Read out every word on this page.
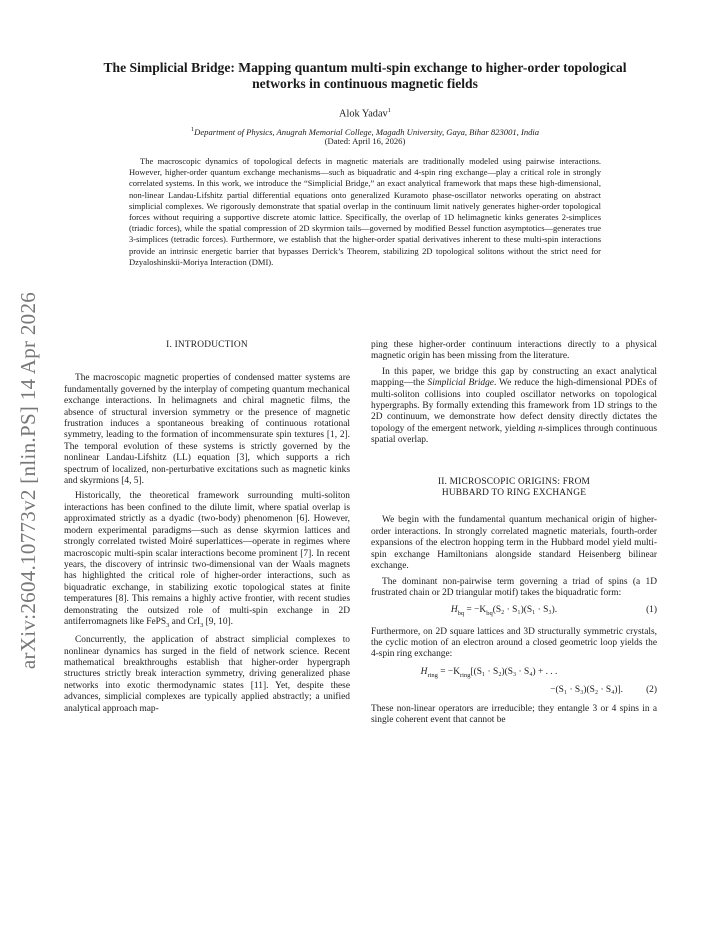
arXiv:2604.10773v2 [nlin.PS] 14 Apr 2026
The Simplicial Bridge: Mapping quantum multi-spin exchange to higher-order topological networks in continuous magnetic fields
Alok Yadav$^1$
$^1$Department of Physics, Anugrah Memorial College, Magadh University, Gaya, Bihar 823001, India
(Dated: April 16, 2026)

The macroscopic dynamics of topological defects in magnetic materials are traditionally modeled using pairwise interactions. However, higher-order quantum exchange mechanisms—such as biquadratic and 4-spin ring exchange—play a critical role in strongly correlated systems. In this work, we introduce the “Simplicial Bridge,” an exact analytical framework that maps these high-dimensional, non-linear Landau-Lifshitz partial differential equations onto generalized Kuramoto phase-oscillator networks operating on abstract simplicial complexes. We rigorously demonstrate that spatial overlap in the continuum limit natively generates higher-order topological forces without requiring a supportive discrete atomic lattice. Specifically, the overlap of 1D helimagnetic kinks generates 2-simplices (triadic forces), while the spatial compression of 2D skyrmion tails—governed by modified Bessel function asymptotics—generates true 3-simplices (tetradic forces). Furthermore, we establish that the higher-order spatial derivatives inherent to these multi-spin interactions provide an intrinsic energetic barrier that bypasses Derrick’s Theorem, stabilizing 2D topological solitons without the strict need for Dzyaloshinskii-Moriya Interaction (DMI).

I. INTRODUCTION

The macroscopic magnetic properties of condensed matter systems are fundamentally governed by the interplay of competing quantum mechanical exchange interactions. In helimagnets and chiral magnetic films, the absence of structural inversion symmetry or the presence of magnetic frustration induces a spontaneous breaking of continuous rotational symmetry, leading to the formation of incommensurate spin textures [1, 2]. The temporal evolution of these systems is strictly governed by the nonlinear Landau-Lifshitz (LL) equation [3], which supports a rich spectrum of localized, non-perturbative excitations such as magnetic kinks and skyrmions [4, 5].

Historically, the theoretical framework surrounding multi-soliton interactions has been confined to the dilute limit, where spatial overlap is approximated strictly as a dyadic (two-body) phenomenon [6]. However, modern experimental paradigms—such as dense skyrmion lattices and strongly correlated twisted Moiré superlattices—operate in regimes where macroscopic multi-spin scalar interactions become prominent [7]. In recent years, the discovery of intrinsic two-dimensional van der Waals magnets has highlighted the critical role of higher-order interactions, such as biquadratic exchange, in stabilizing exotic topological states at finite temperatures [8]. This remains a highly active frontier, with recent studies demonstrating the outsized role of multi-spin exchange in 2D antiferromagnets like FePS$_3$ and CrI$_3$ [9, 10].

Concurrently, the application of abstract simplicial complexes to nonlinear dynamics has surged in the field of network science. Recent mathematical breakthroughs establish that higher-order hypergraph structures strictly break interaction symmetry, driving generalized phase networks into exotic thermodynamic states [11]. Yet, despite these advances, simplicial complexes are typically applied abstractly; a unified analytical approach map-

ping these higher-order continuum interactions directly to a physical magnetic origin has been missing from the literature.

In this paper, we bridge this gap by constructing an exact analytical mapping—the Simplicial Bridge. We reduce the high-dimensional PDEs of multi-soliton collisions into coupled oscillator networks on topological hypergraphs. By formally extending this framework from 1D strings to the 2D continuum, we demonstrate how defect density directly dictates the topology of the emergent network, yielding n-simplices through continuous spatial overlap.

II. MICROSCOPIC ORIGINS: FROM
HUBBARD TO RING EXCHANGE

We begin with the fundamental quantum mechanical origin of higher-order interactions. In strongly correlated magnetic materials, fourth-order expansions of the electron hopping term in the Hubbard model yield multi-spin exchange Hamiltonians alongside standard Heisenberg bilinear exchange.

The dominant non-pairwise term governing a triad of spins (a 1D frustrated chain or 2D triangular motif) takes the biquadratic form:

$H_{bq} = -K_{bq}(S_2 \cdot S_1)(S_1 \cdot S_3)$.	(1)

Furthermore, on 2D square lattices and 3D structurally symmetric crystals, the cyclic motion of an electron around a closed geometric loop yields the 4-spin ring exchange:

$H_{ring} = -K_{ring}[(S_1 \cdot S_2)(S_3 \cdot S_4)$ + . . .
−(S₁ · S₃)(S₂ · S₄)].	(2)

These non-linear operators are irreducible; they entangle 3 or 4 spins in a single coherent event that cannot be
